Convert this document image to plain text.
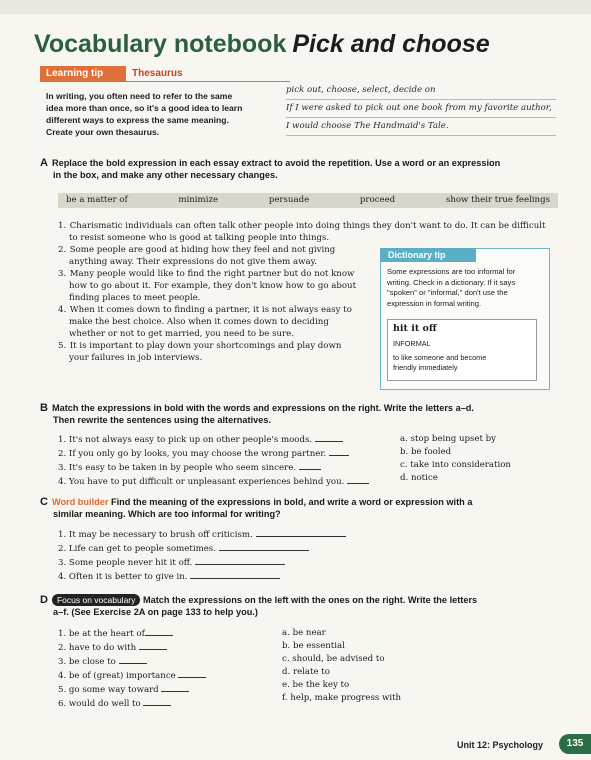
Vocabulary notebook Pick and choose
Learning tip	Thesaurus
In writing, you often need to refer to the same
idea more than once, so it's a good idea to learn
different ways to express the same meaning.
Create your own thesaurus.
pick out, choose, select, decide on
If I were asked to pick out one book from my favorite author,
I would choose The Handmaid's Tale.
A Replace the bold expression in each essay extract to avoid the repetition. Use a word or an expression
in the box, and make any other necessary changes.
be a matter of	minimize	persuade	proceed	show their true feelings
1. Charismatic individuals can often talk other people into doing things they don't want to do. It can be difficult
to resist someone who is good at talking people into things.
2. Some people are good at hiding how they feel and not giving
anything away. Their expressions do not give them away.
3. Many people would like to find the right partner but do not know
how to go about it. For example, they don't know how to go about
finding places to meet people.
4. When it comes down to finding a partner, it is not always easy to
make the best choice. Also when it comes down to deciding
whether or not to get married, you need to be sure.
5. It is important to play down your shortcomings and play down
your failures in job interviews.
Dictionary tip
Some expressions are too informal for
writing. Check in a dictionary. If it says
"spoken" or "informal," don't use the
expression in formal writing.
hit it off
INFORMAL
to like someone and become
friendly immediately
B Match the expressions in bold with the words and expressions on the right. Write the letters a–d.
Then rewrite the sentences using the alternatives.
1. It's not always easy to pick up on other people's moods.
2. If you only go by looks, you may choose the wrong partner.
3. It's easy to be taken in by people who seem sincere.
4. You have to put difficult or unpleasant experiences behind you.
a. stop being upset by
b. be fooled
c. take into consideration
d. notice
C Word builder Find the meaning of the expressions in bold, and write a word or expression with a
similar meaning. Which are too informal for writing?
1. It may be necessary to brush off criticism.
2. Life can get to people sometimes.
3. Some people never hit it off.
4. Often it is better to give in.
D Focus on vocabulary Match the expressions on the left with the ones on the right. Write the letters
a–f. (See Exercise 2A on page 133 to help you.)
1. be at the heart of
2. have to do with
3. be close to
4. be of (great) importance
5. go some way toward
6. would do well to
a. be near
b. be essential
c. should, be advised to
d. relate to
e. be the key to
f. help, make progress with
Unit 12: Psychology	135
